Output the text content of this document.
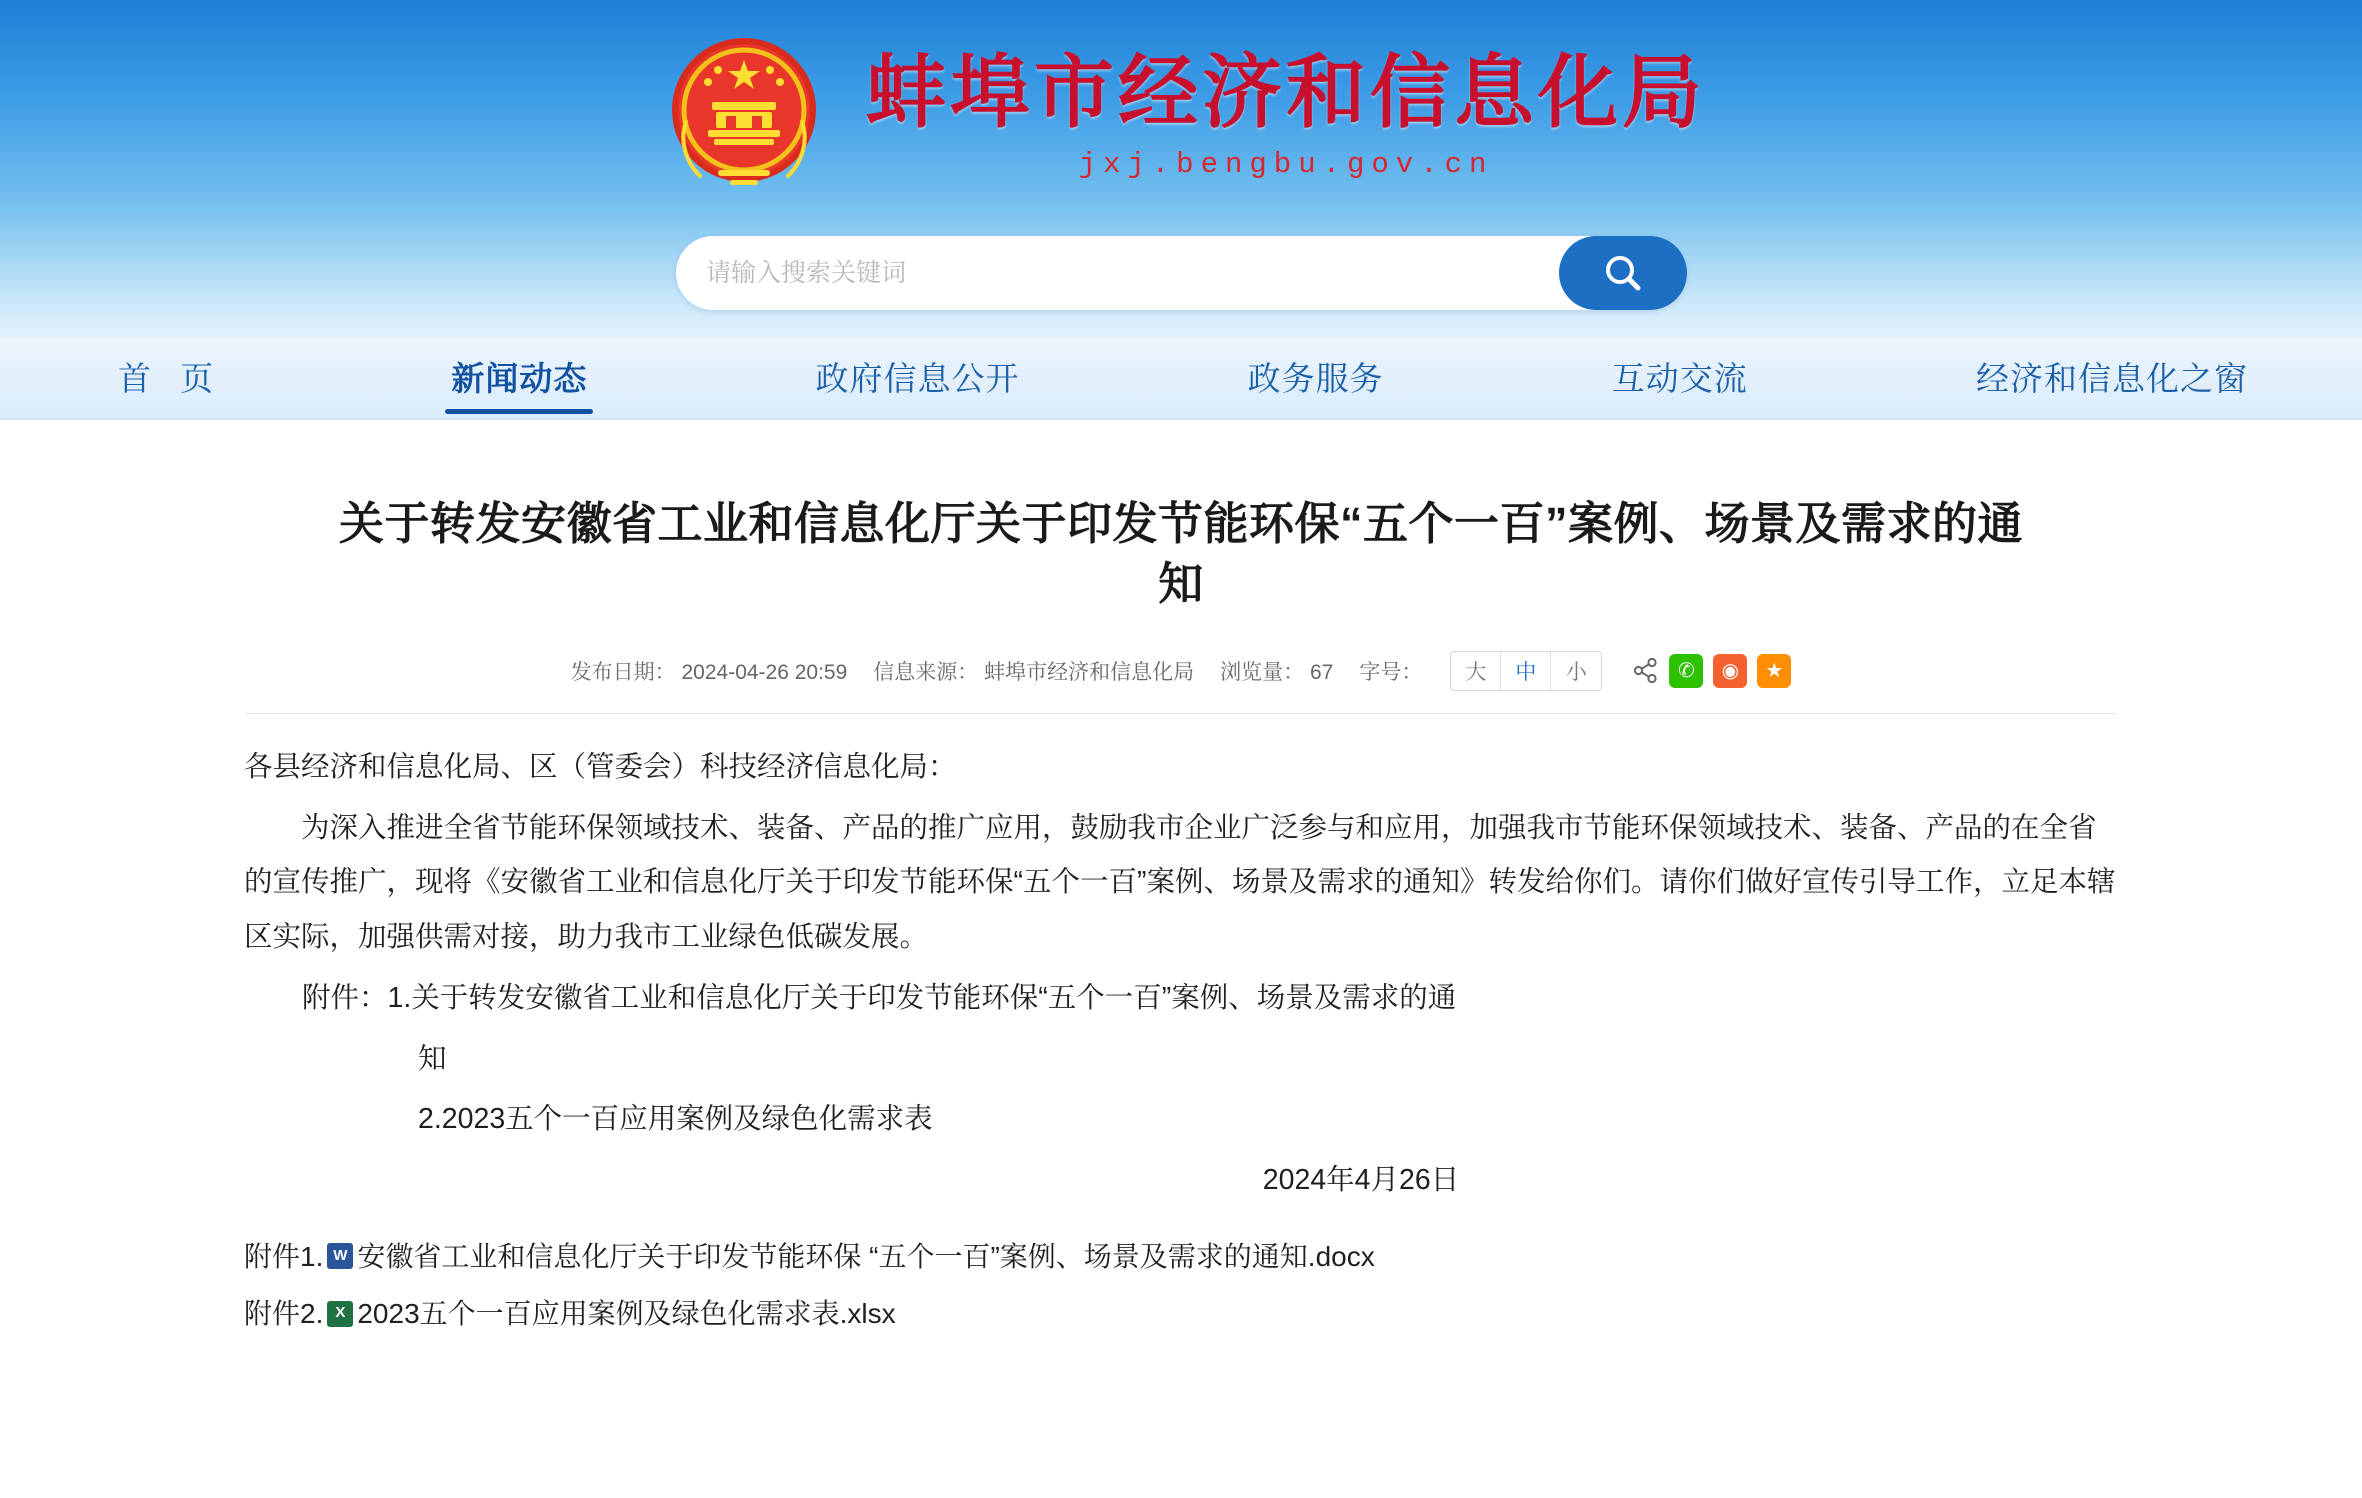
蚌埠市经济和信息化局
jxj.bengbu.gov.cn
请输入搜索关键词
首 页	新闻动态	政府信息公开	政务服务	互动交流	经济和信息化之窗
关于转发安徽省工业和信息化厅关于印发节能环保“五个一百”案例、场景及需求的通知
发布日期： 2024-04-26 20:59 信息来源： 蚌埠市经济和信息化局 浏览量： 67 字号：	大	中	小	✆ ◉ ★

各县经济和信息化局、区（管委会）科技经济信息化局：

为深入推进全省节能环保领域技术、装备、产品的推广应用，鼓励我市企业广泛参与和应用，加强我市节能环保领域技术、装备、产品的在全省的宣传推广，现将《安徽省工业和信息化厅关于印发节能环保“五个一百”案例、场景及需求的通知》转发给你们。请你们做好宣传引导工作，立足本辖区实际，加强供需对接，助力我市工业绿色低碳发展。

附件：1.关于转发安徽省工业和信息化厅关于印发节能环保“五个一百”案例、场景及需求的通

知

2.2023五个一百应用案例及绿色化需求表

2024年4月26日

附件1. W 安徽省工业和信息化厅关于印发节能环保 “五个一百”案例、场景及需求的通知.docx
附件2. X 2023五个一百应用案例及绿色化需求表.xlsx
